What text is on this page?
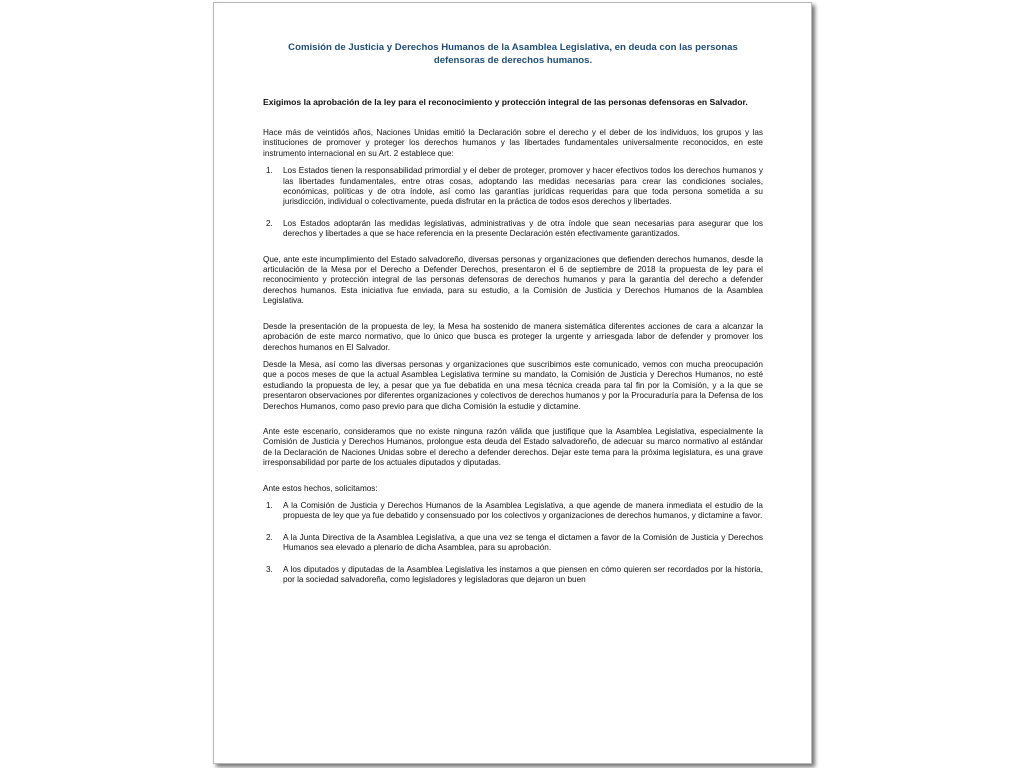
Comisión de Justicia y Derechos Humanos de la Asamblea Legislativa, en deuda con las personas defensoras de derechos humanos.
Exigimos la aprobación de la ley para el reconocimiento y protección integral de las personas defensoras en Salvador.

Hace más de veintidós años, Naciones Unidas emitió la Declaración sobre el derecho y el deber de los individuos, los grupos y las instituciones de promover y proteger los derechos humanos y las libertades fundamentales universalmente reconocidos, en este instrumento internacional en su Art. 2 establece que:

1. Los Estados tienen la responsabilidad primordial y el deber de proteger, promover y hacer efectivos todos los derechos humanos y las libertades fundamentales, entre otras cosas, adoptando las medidas necesarias para crear las condiciones sociales, económicas, políticas y de otra índole, así como las garantías jurídicas requeridas para que toda persona sometida a su jurisdicción, individual o colectivamente, pueda disfrutar en la práctica de todos esos derechos y libertades.
2. Los Estados adoptarán las medidas legislativas, administrativas y de otra índole que sean necesarias para asegurar que los derechos y libertades a que se hace referencia en la presente Declaración estén efectivamente garantizados.

Que, ante este incumplimiento del Estado salvadoreño, diversas personas y organizaciones que defienden derechos humanos, desde la articulación de la Mesa por el Derecho a Defender Derechos, presentaron el 6 de septiembre de 2018 la propuesta de ley para el reconocimiento y protección integral de las personas defensoras de derechos humanos y para la garantía del derecho a defender derechos humanos. Esta iniciativa fue enviada, para su estudio, a la Comisión de Justicia y Derechos Humanos de la Asamblea Legislativa.

Desde la presentación de la propuesta de ley, la Mesa ha sostenido de manera sistemática diferentes acciones de cara a alcanzar la aprobación de este marco normativo, que lo único que busca es proteger la urgente y arriesgada labor de defender y promover los derechos humanos en El Salvador.

Desde la Mesa, así como las diversas personas y organizaciones que suscribimos este comunicado, vemos con mucha preocupación que a pocos meses de que la actual Asamblea Legislativa termine su mandato, la Comisión de Justicia y Derechos Humanos, no esté estudiando la propuesta de ley, a pesar que ya fue debatida en una mesa técnica creada para tal fin por la Comisión, y a la que se presentaron observaciones por diferentes organizaciones y colectivos de derechos humanos y por la Procuraduría para la Defensa de los Derechos Humanos, como paso previo para que dicha Comisión la estudie y dictamine.

Ante este escenario, consideramos que no existe ninguna razón válida que justifique que la Asamblea Legislativa, especialmente la Comisión de Justicia y Derechos Humanos, prolongue esta deuda del Estado salvadoreño, de adecuar su marco normativo al estándar de la Declaración de Naciones Unidas sobre el derecho a defender derechos. Dejar este tema para la próxima legislatura, es una grave irresponsabilidad por parte de los actuales diputados y diputadas.

Ante estos hechos, solicitamos:

1. A la Comisión de Justicia y Derechos Humanos de la Asamblea Legislativa, a que agende de manera inmediata el estudio de la propuesta de ley que ya fue debatido y consensuado por los colectivos y organizaciones de derechos humanos, y dictamine a favor.
2. A la Junta Directiva de la Asamblea Legislativa, a que una vez se tenga el dictamen a favor de la Comisión de Justicia y Derechos Humanos sea elevado a plenario de dicha Asamblea, para su aprobación.
3. A los diputados y diputadas de la Asamblea Legislativa les instamos a que piensen en cómo quieren ser recordados por la historia, por la sociedad salvadoreña, como legisladores y legisladoras que dejaron un buen
